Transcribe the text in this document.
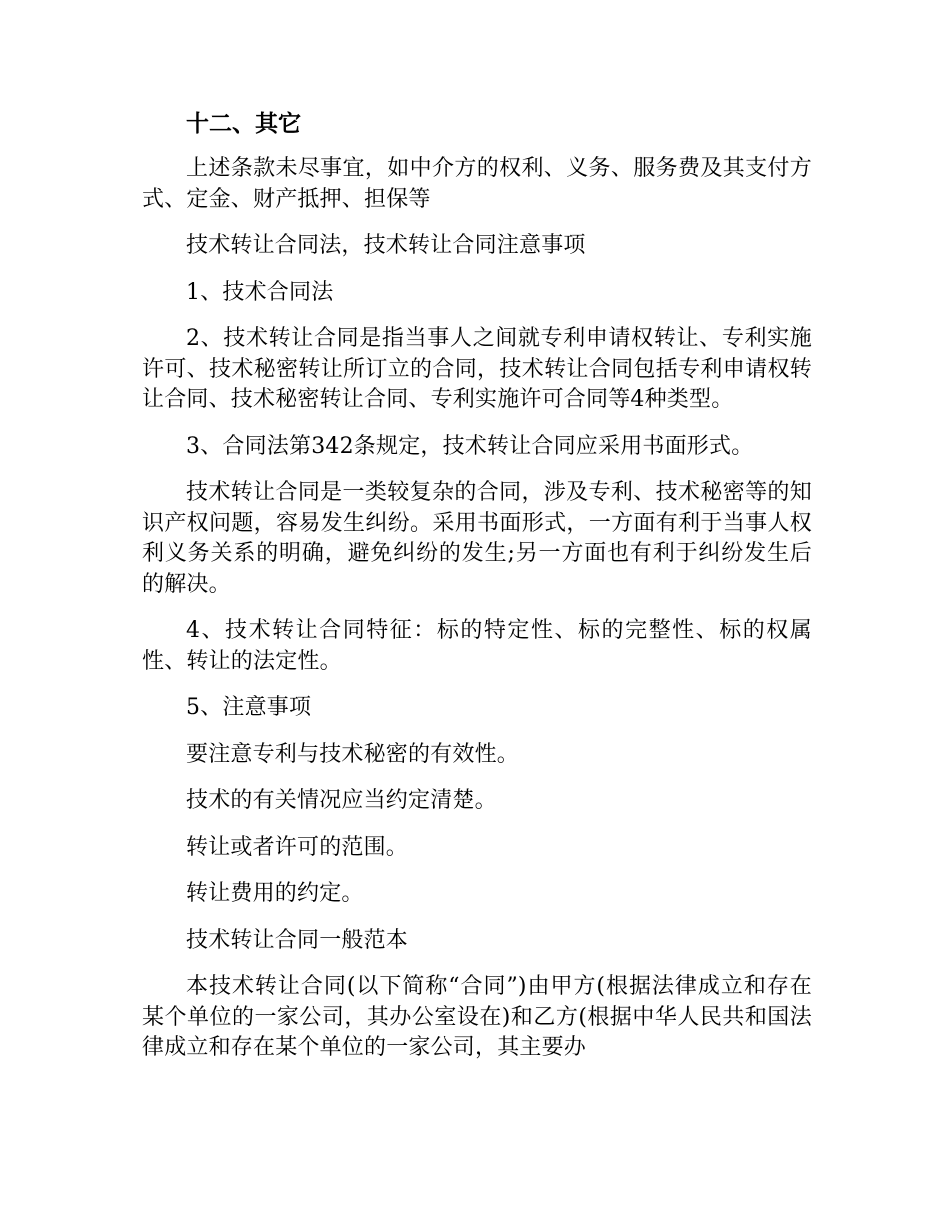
十二、其它
上述条款未尽事宜，如中介方的权利、义务、服务费及其支付方式、定金、财产抵押、担保等
技术转让合同法，技术转让合同注意事项
1、技术合同法
2、技术转让合同是指当事人之间就专利申请权转让、专利实施许可、技术秘密转让所订立的合同，技术转让合同包括专利申请权转让合同、技术秘密转让合同、专利实施许可合同等4种类型。
3、合同法第342条规定，技术转让合同应采用书面形式。
技术转让合同是一类较复杂的合同，涉及专利、技术秘密等的知识产权问题，容易发生纠纷。采用书面形式，一方面有利于当事人权利义务关系的明确，避免纠纷的发生;另一方面也有利于纠纷发生后的解决。
4、技术转让合同特征：标的特定性、标的完整性、标的权属性、转让的法定性。
5、注意事项
要注意专利与技术秘密的有效性。
技术的有关情况应当约定清楚。
转让或者许可的范围。
转让费用的约定。
技术转让合同一般范本
本技术转让合同(以下简称“合同”)由甲方(根据法律成立和存在某个单位的一家公司，其办公室设在)和乙方(根据中华人民共和国法律成立和存在某个单位的一家公司，其主要办
